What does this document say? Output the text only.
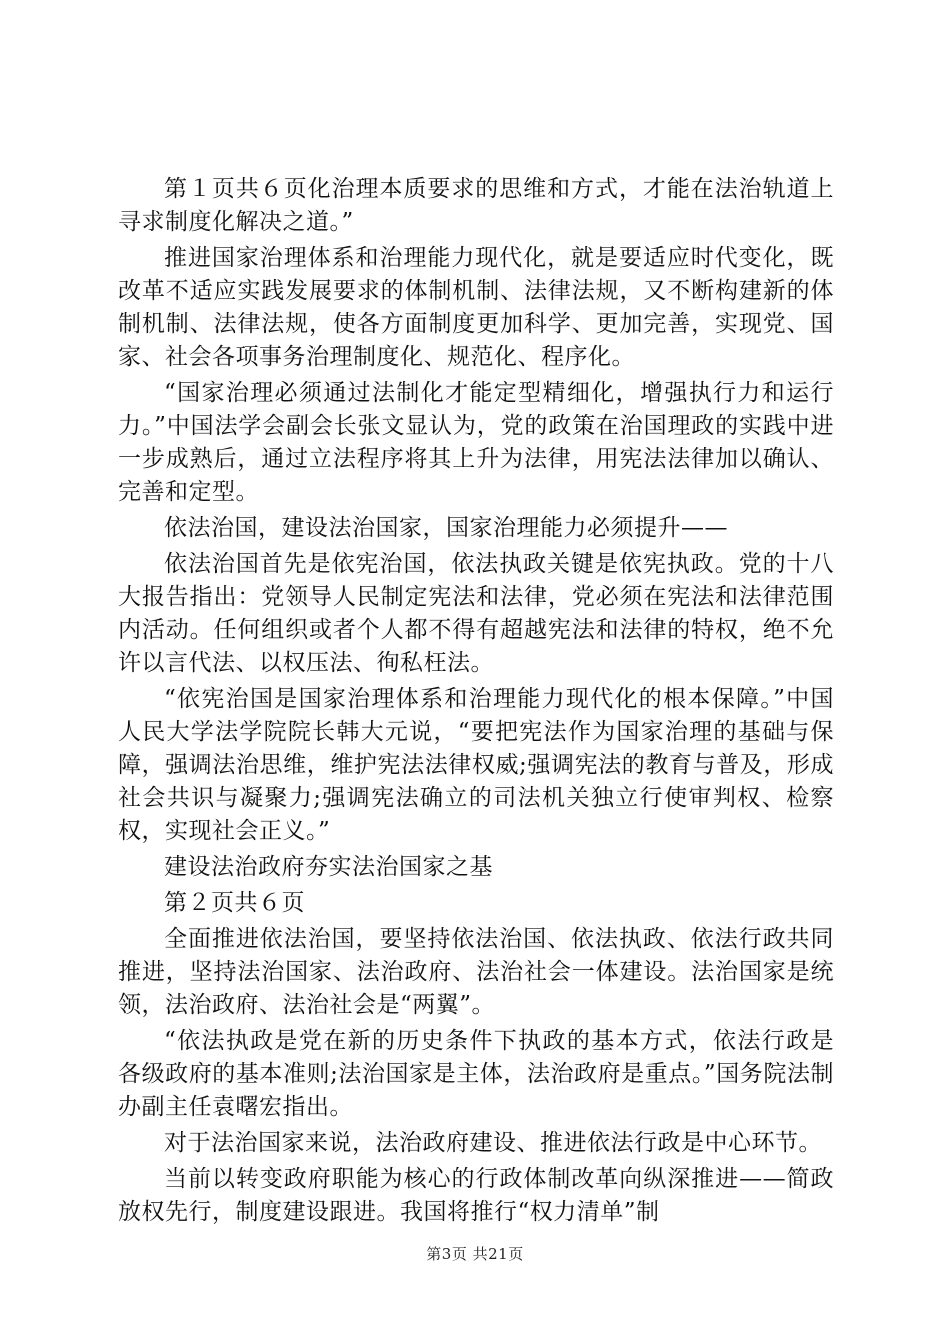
第１页共６页化治理本质要求的思维和方式，才能在法治轨道上寻求制度化解决之道。”

推进国家治理体系和治理能力现代化，就是要适应时代变化，既改革不适应实践发展要求的体制机制、法律法规，又不断构建新的体制机制、法律法规，使各方面制度更加科学、更加完善，实现党、国家、社会各项事务治理制度化、规范化、程序化。

“国家治理必须通过法制化才能定型精细化，增强执行力和运行力。”中国法学会副会长张文显认为，党的政策在治国理政的实践中进一步成熟后，通过立法程序将其上升为法律，用宪法法律加以确认、完善和定型。

依法治国，建设法治国家，国家治理能力必须提升——

依法治国首先是依宪治国，依法执政关键是依宪执政。党的十八大报告指出：党领导人民制定宪法和法律，党必须在宪法和法律范围内活动。任何组织或者个人都不得有超越宪法和法律的特权，绝不允许以言代法、以权压法、徇私枉法。

“依宪治国是国家治理体系和治理能力现代化的根本保障。”中国人民大学法学院院长韩大元说，“要把宪法作为国家治理的基础与保障，强调法治思维，维护宪法法律权威;强调宪法的教育与普及，形成社会共识与凝聚力;强调宪法确立的司法机关独立行使审判权、检察权，实现社会正义。”

建设法治政府夯实法治国家之基

第２页共６页

全面推进依法治国，要坚持依法治国、依法执政、依法行政共同推进，坚持法治国家、法治政府、法治社会一体建设。法治国家是统领，法治政府、法治社会是“两翼”。

“依法执政是党在新的历史条件下执政的基本方式，依法行政是各级政府的基本准则;法治国家是主体，法治政府是重点。”国务院法制办副主任袁曙宏指出。

对于法治国家来说，法治政府建设、推进依法行政是中心环节。

当前以转变政府职能为核心的行政体制改革向纵深推进——简政放权先行，制度建设跟进。我国将推行“权力清单”制

第3页 共21页
